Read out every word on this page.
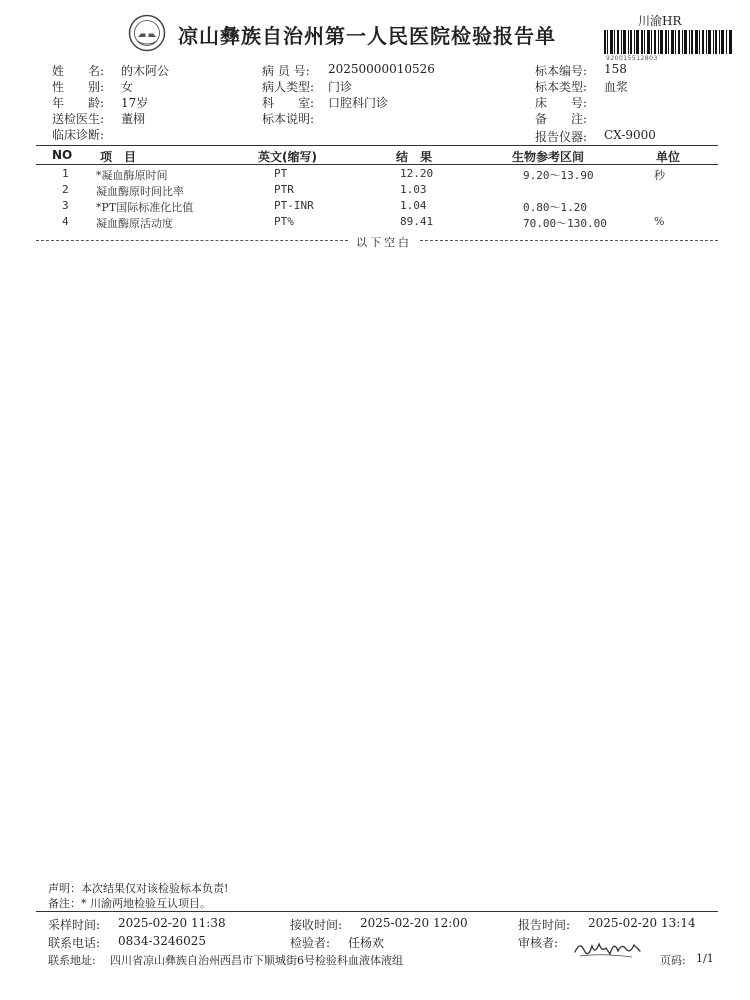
凉山彝族自治州第一人民医院检验报告单
川渝HR
920015512803
姓　　名: 的木阿公
性　　别: 女
年　　龄: 17岁
送检医生: 董栩
临床诊断:
病 员 号: 20250000010526
病人类型: 门诊
科　　室: 口腔科门诊
标本说明:
标本编号: 158
标本类型: 血浆
床　　号:
备　　注:
报告仪器: CX-9000
NO 项　目	英文(缩写)	结　果	生物参考区间	单位
1 *凝血酶原时间	PT	12.20	9.20～13.90	秒
2 凝血酶原时间比率	PTR	1.03
3 *PT国际标准化比值	PT-INR	1.04	0.80～1.20
4 凝血酶原活动度	PT%	89.41	70.00～130.00	%
以下空白
声明：本次结果仅对该检验标本负责!
备注：* 川渝两地检验互认项目。
采样时间: 2025-02-20 11:38	接收时间: 2025-02-20 12:00	报告时间: 2025-02-20 13:14
联系电话: 0834-3246025	检验者: 任杨欢	审核者:
联系地址: 四川省凉山彝族自治州西昌市下顺城街6号检验科血液体液组	页码: 1/1
